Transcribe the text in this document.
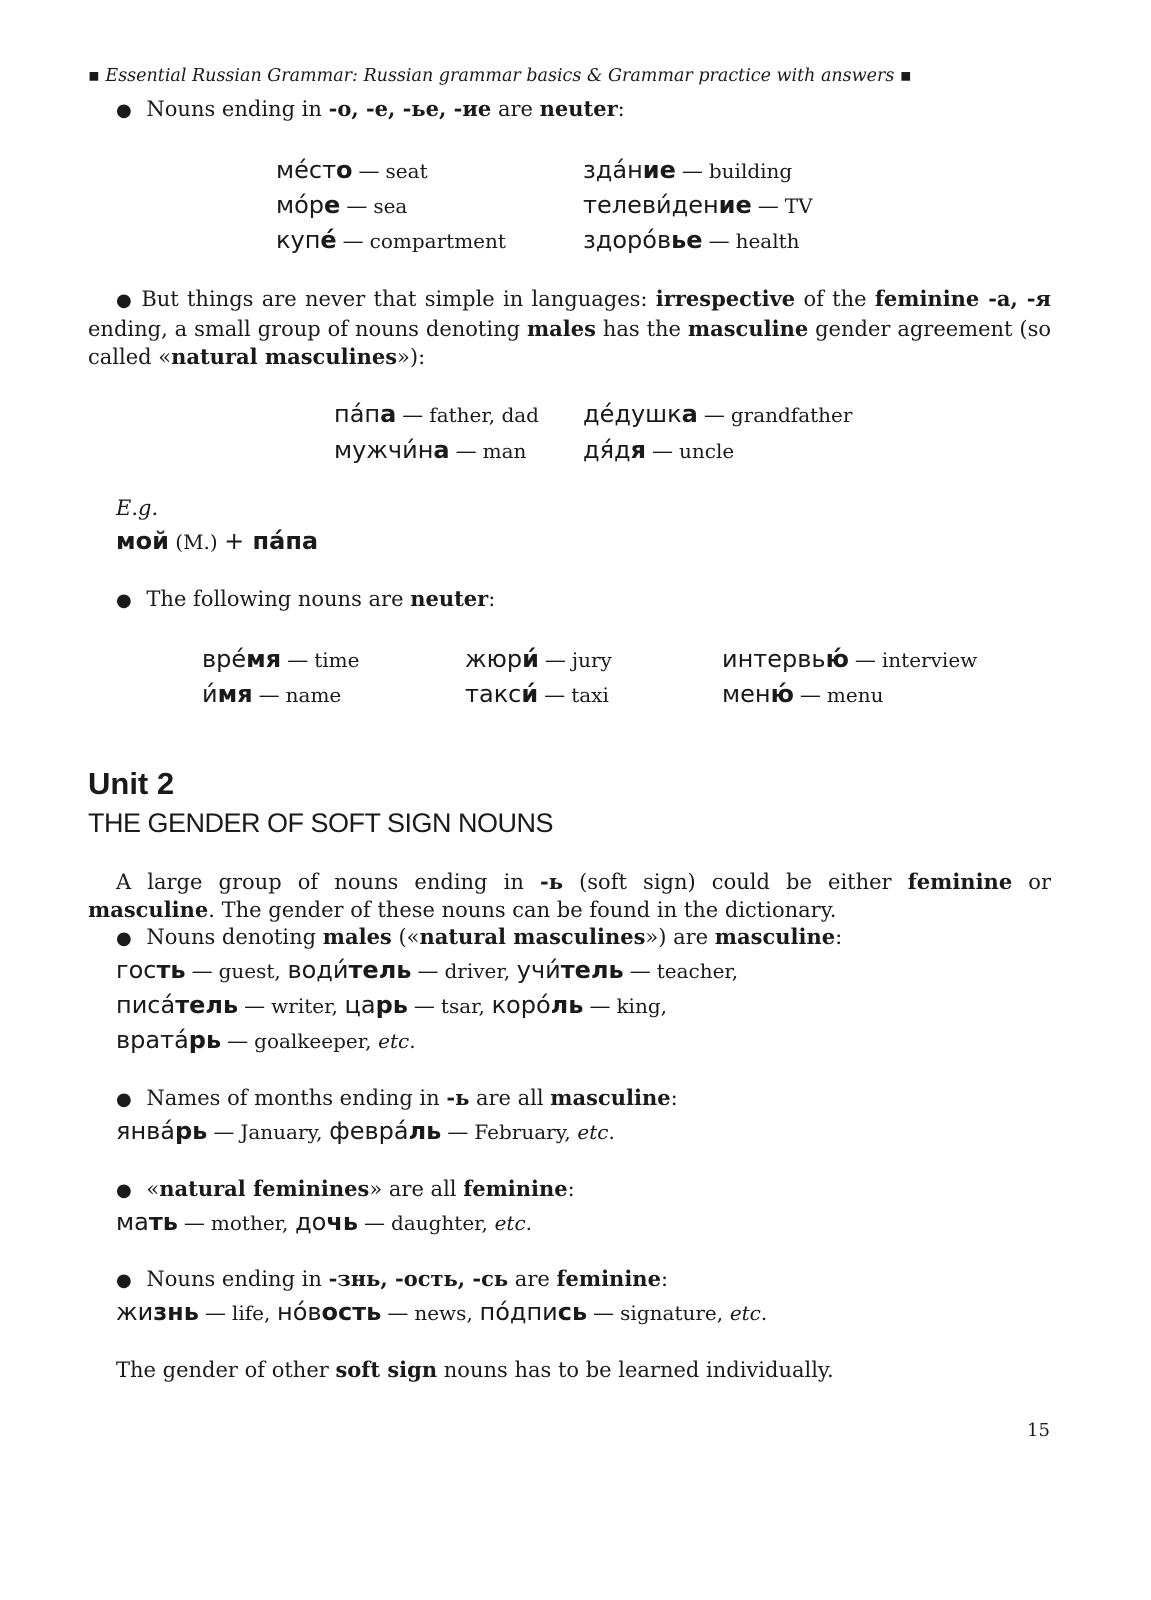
▪ Essential Russian Grammar: Russian grammar basics & Grammar practice with answers ▪
● Nouns ending in -о, -е, -ье, -ие are neuter:
ме́сто — seat
мо́ре — sea
купе́ — compartment
зда́ние — building
телеви́дение — TV
здоро́вье — health
● But things are never that simple in languages: irrespective of the feminine -а, -я ending, a small group of nouns denoting males has the masculine gender agreement (so called «natural masculines»):
па́па — father, dad
мужчи́на — man
де́душка — grandfather
дя́дя — uncle
E.g.
мой (М.) + па́па
● The following nouns are neuter:
вре́мя — time
и́мя — name
жюри́ — jury
такси́ — taxi
интервью́ — interview
меню́ — menu
Unit 2
THE GENDER OF SOFT SIGN NOUNS
A large group of nouns ending in -ь (soft sign) could be either feminine or masculine. The gender of these nouns can be found in the dictionary.
● Nouns denoting males («natural masculines») are masculine:
гость — guest, води́тель — driver, учи́тель — teacher,
писа́тель — writer, царь — tsar, коро́ль — king,
врата́рь — goalkeeper, etc.
● Names of months ending in -ь are all masculine:
янва́рь — January, февра́ль — February, etc.
● «natural feminines» are all feminine:
мать — mother, дочь — daughter, etc.
● Nouns ending in -знь, -ость, -сь are feminine:
жизнь — life, но́вость — news, по́дпись — signature, etc.
The gender of other soft sign nouns has to be learned individually.
15
